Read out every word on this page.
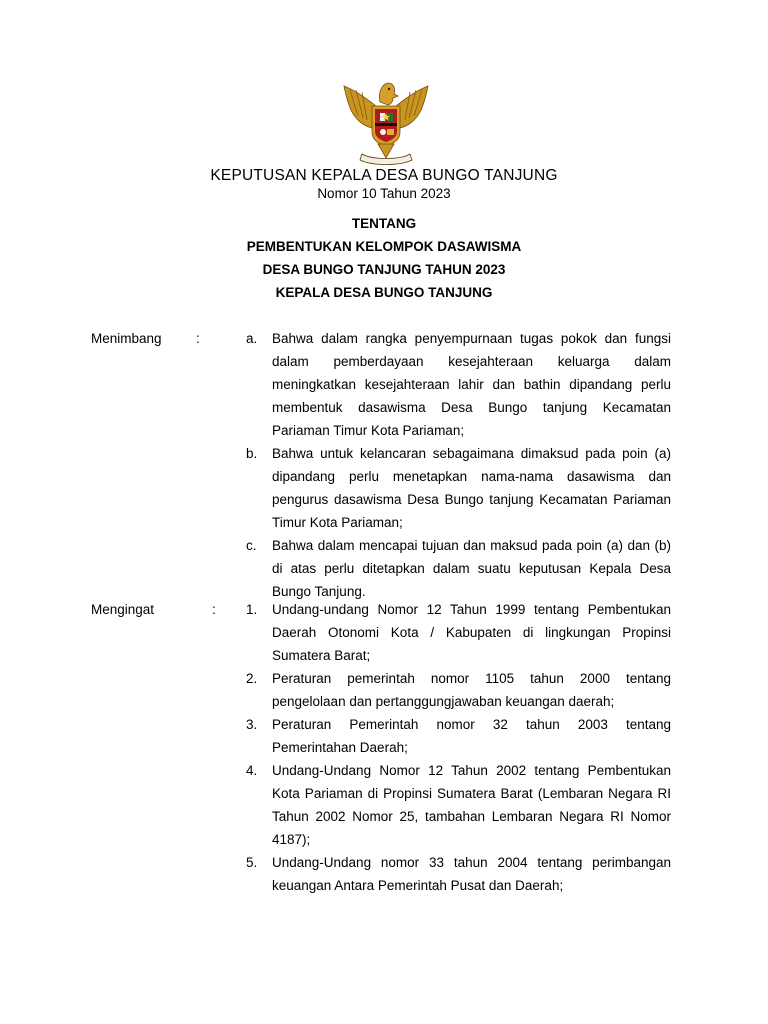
KEPUTUSAN KEPALA DESA BUNGO TANJUNG
Nomor 10 Tahun 2023
TENTANG
PEMBENTUKAN KELOMPOK DASAWISMA
DESA BUNGO TANJUNG TAHUN 2023
KEPALA DESA BUNGO TANJUNG
Menimbang	:	a.	Bahwa dalam rangka penyempurnaan tugas pokok dan fungsi dalam pemberdayaan kesejahteraan keluarga dalam meningkatkan kesejahteraan lahir dan bathin dipandang perlu membentuk dasawisma Desa Bungo tanjung Kecamatan Pariaman Timur Kota Pariaman;
b.	Bahwa untuk kelancaran sebagaimana dimaksud pada poin (a) dipandang perlu menetapkan nama-nama dasawisma dan pengurus dasawisma Desa Bungo tanjung Kecamatan Pariaman Timur Kota Pariaman;
c.	Bahwa dalam mencapai tujuan dan maksud pada poin (a) dan (b) di atas perlu ditetapkan dalam suatu keputusan Kepala Desa Bungo Tanjung.
Mengingat	: 1.	Undang-undang Nomor 12 Tahun 1999 tentang Pembentukan Daerah Otonomi Kota / Kabupaten di lingkungan Propinsi Sumatera Barat;
2.	Peraturan pemerintah nomor 1105 tahun 2000 tentang pengelolaan dan pertanggungjawaban keuangan daerah;
3.	Peraturan Pemerintah nomor 32 tahun 2003 tentang Pemerintahan Daerah;
4.	Undang-Undang Nomor 12 Tahun 2002 tentang Pembentukan Kota Pariaman di Propinsi Sumatera Barat (Lembaran Negara RI Tahun 2002 Nomor 25, tambahan Lembaran Negara RI Nomor 4187);
5.	Undang-Undang nomor 33 tahun 2004 tentang perimbangan keuangan Antara Pemerintah Pusat dan Daerah;
